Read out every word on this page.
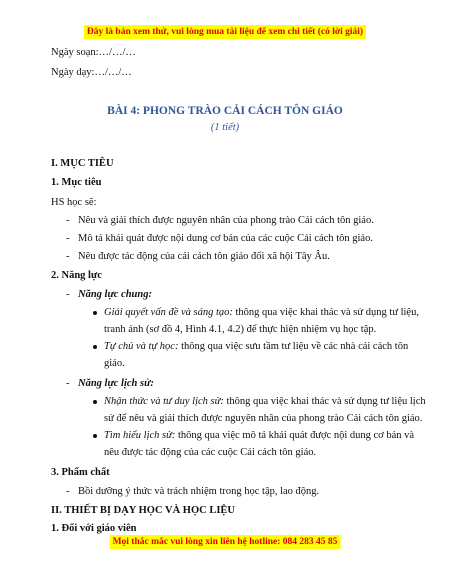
Đây là bản xem thử, vui lòng mua tài liệu để xem chi tiết (có lời giải)
Ngày soạn:…/…/…
Ngày dạy:…/…/…
BÀI 4: PHONG TRÀO CẢI CÁCH TÔN GIÁO
(1 tiết)
I. MỤC TIÊU
1. Mục tiêu
HS học sẽ:
- Nêu và giải thích được nguyên nhân của phong trào Cải cách tôn giáo.
- Mô tả khái quát được nội dung cơ bản của các cuộc Cải cách tôn giáo.
- Nêu được tác động của cải cách tôn giáo đối xã hội Tây Âu.
2. Năng lực
- Năng lực chung:
Giải quyết vấn đề và sáng tạo: thông qua việc khai thác và sử dụng tư liệu,
tranh ảnh (sơ đồ 4, Hình 4.1, 4.2) để thực hiện nhiệm vụ học tập.
Tự chủ và tự học: thông qua việc sưu tầm tư liệu về các nhà cải cách tôn
giáo.
- Năng lực lịch sử:
Nhận thức và tư duy lịch sử: thông qua việc khai thác và sử dụng tư liệu lịch
sử để nêu và giải thích được nguyên nhân của phong trào Cải cách tôn giáo.
Tìm hiểu lịch sử: thông qua việc mô tả khái quát được nội dung cơ bản và
nêu được tác động của các cuộc Cải cách tôn giáo.
3. Phẩm chất
- Bồi dưỡng ý thức và trách nhiệm trong học tập, lao động.
II. THIẾT BỊ DẠY HỌC VÀ HỌC LIỆU
1. Đối với giáo viên
Mọi thắc mắc vui lòng xin liên hệ hotline: 084 283 45 85
